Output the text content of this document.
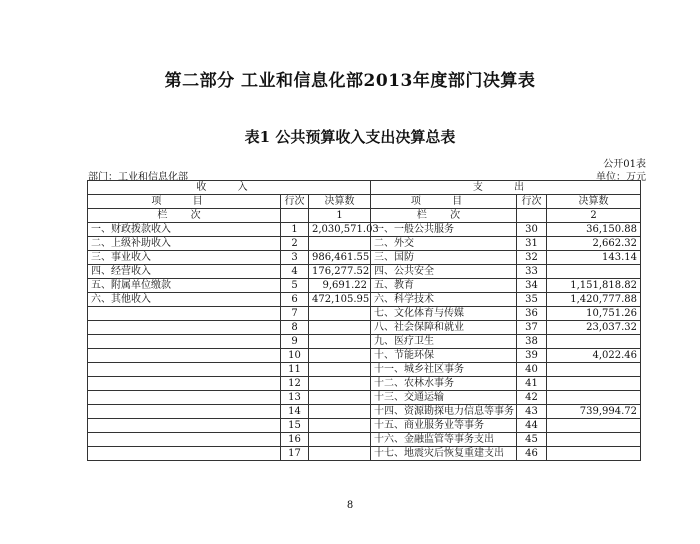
第二部分 工业和信息化部2013年度部门决算表
表1 公共预算收入支出决算总表
公开01表
部门：工业和信息化部	单位：万元
收 入			支 出		
项 目	行次	决算数	项 目	行次	决算数
栏 次		1	栏 次		2
一、财政拨款收入	1	2,030,571.03	一、一般公共服务	30	36,150.88
二、上级补助收入	2		二、外交	31	2,662.32
三、事业收入	3	986,461.55	三、国防	32	143.14
四、经营收入	4	176,277.52	四、公共安全	33	
五、附属单位缴款	5	9,691.22	五、教育	34	1,151,818.82
六、其他收入	6	472,105.95	六、科学技术	35	1,420,777.88
	7		七、文化体育与传媒	36	10,751.26
	8		八、社会保障和就业	37	23,037.32
	9		九、医疗卫生	38	
	10		十、节能环保	39	4,022.46
	11		十一、城乡社区事务	40	
	12		十二、农林水事务	41	
	13		十三、交通运输	42	
	14		十四、资源勘探电力信息等事务	43	739,994.72
	15		十五、商业服务业等事务	44	
	16		十六、金融监管等事务支出	45	
	17		十七、地震灾后恢复重建支出	46	
8
